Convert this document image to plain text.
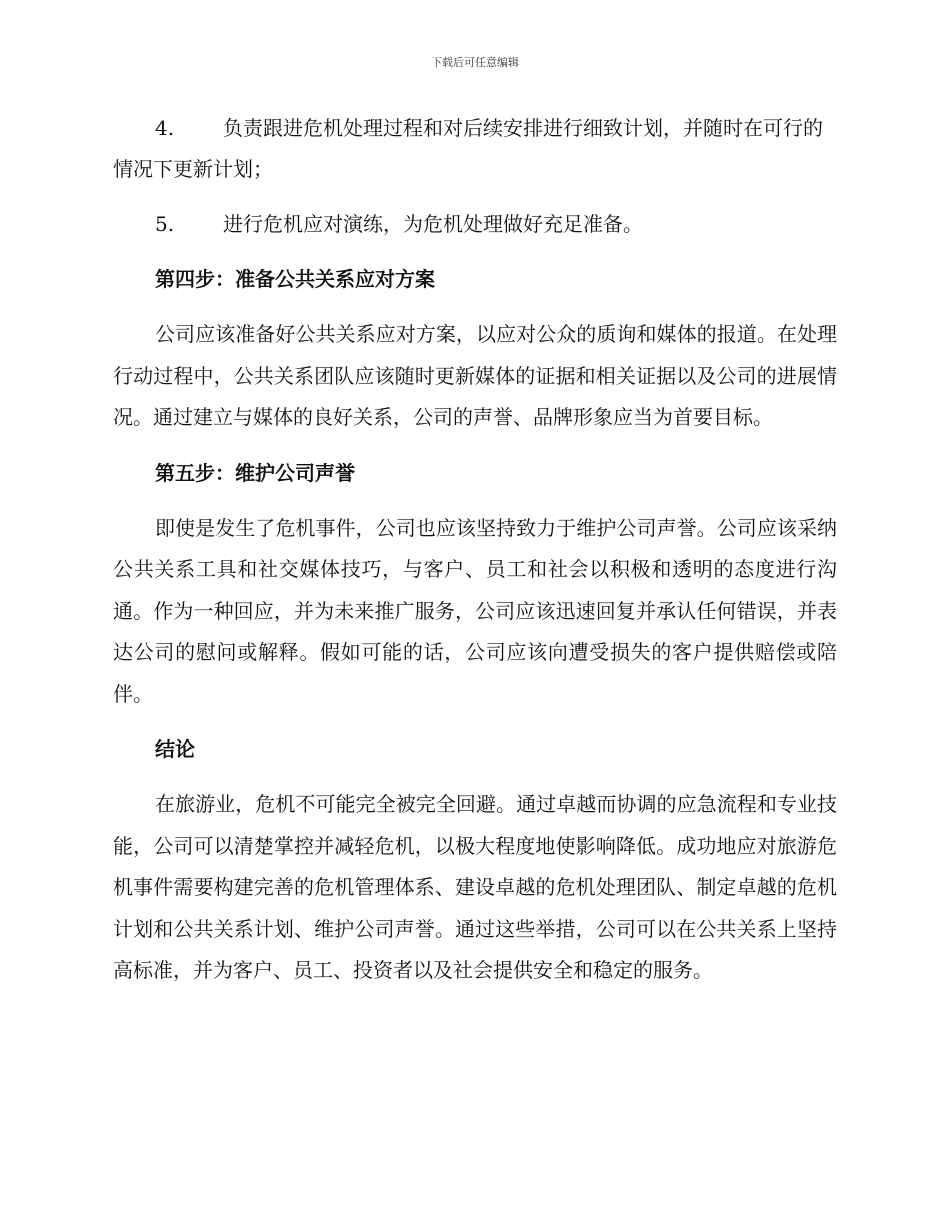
下载后可任意编辑
4. 负责跟进危机处理过程和对后续安排进行细致计划，并随时在可行的情况下更新计划；
5.	进行危机应对演练，为危机处理做好充足准备。
第四步：准备公共关系应对方案

公司应该准备好公共关系应对方案，以应对公众的质询和媒体的报道。在处理行动过程中，公共关系团队应该随时更新媒体的证据和相关证据以及公司的进展情况。通过建立与媒体的良好关系，公司的声誉、品牌形象应当为首要目标。

第五步：维护公司声誉

即使是发生了危机事件，公司也应该坚持致力于维护公司声誉。公司应该采纳公共关系工具和社交媒体技巧，与客户、员工和社会以积极和透明的态度进行沟通。作为一种回应，并为未来推广服务，公司应该迅速回复并承认任何错误，并表达公司的慰问或解释。假如可能的话，公司应该向遭受损失的客户提供赔偿或陪伴。

结论

在旅游业，危机不可能完全被完全回避。通过卓越而协调的应急流程和专业技能，公司可以清楚掌控并减轻危机，以极大程度地使影响降低。成功地应对旅游危机事件需要构建完善的危机管理体系、建设卓越的危机处理团队、制定卓越的危机计划和公共关系计划、维护公司声誉。通过这些举措，公司可以在公共关系上坚持高标准，并为客户、员工、投资者以及社会提供安全和稳定的服务。
